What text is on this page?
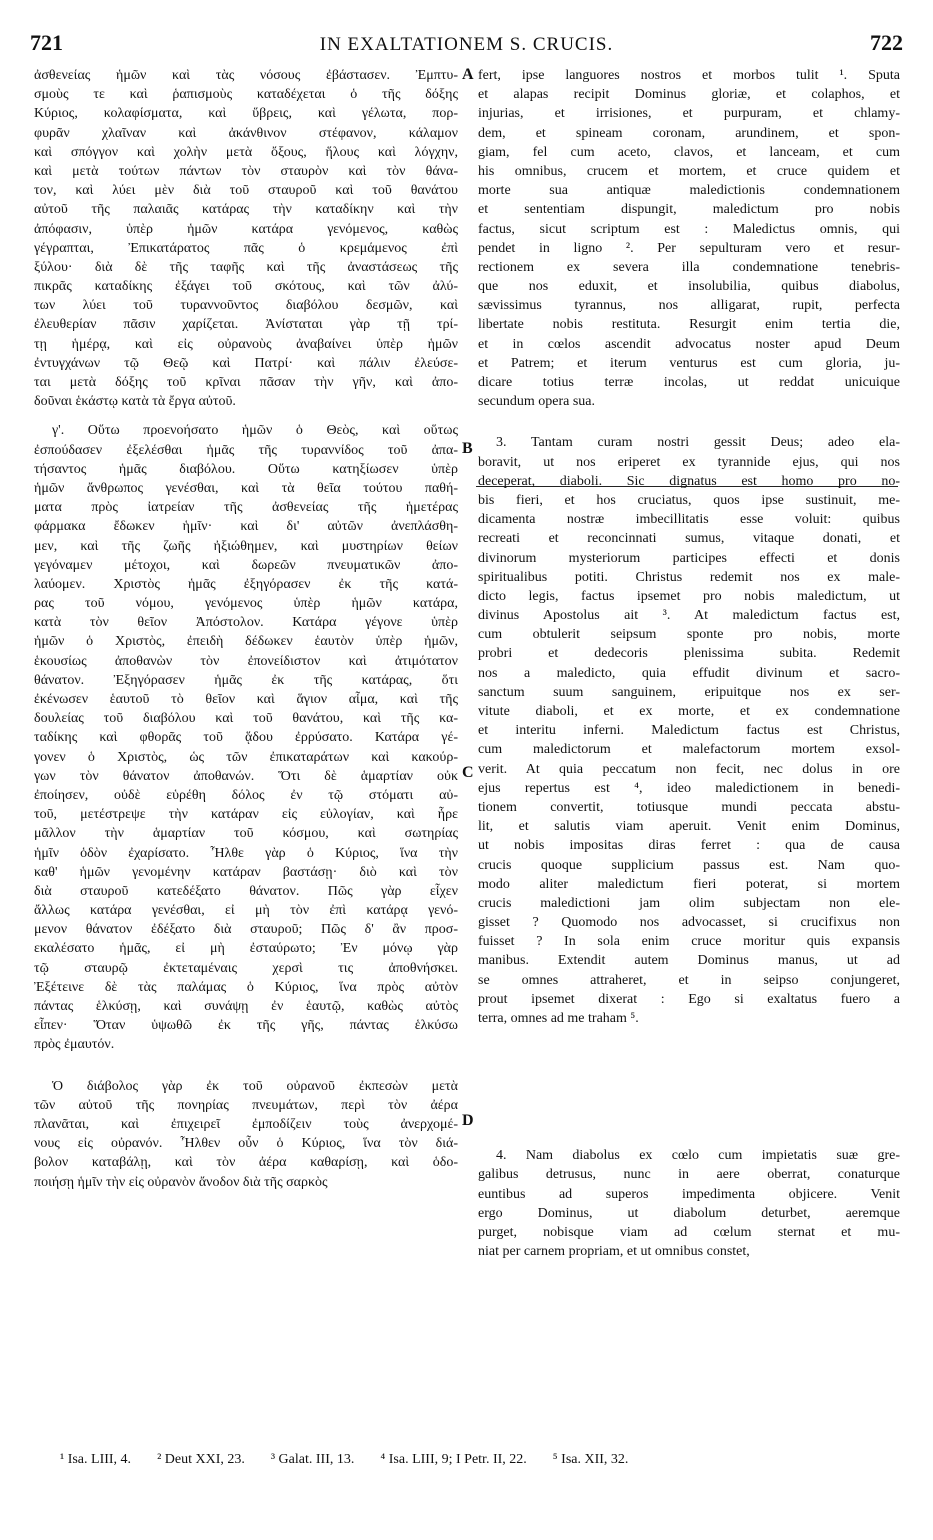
721	IN EXALTATIONEM S. CRUCIS.	722
A
B
C
D
ἀσθενείας ἡμῶν καὶ τὰς νόσους ἐβάστασεν. Ἐμπτυ-
σμοὺς τε καὶ ῥαπισμοὺς καταδέχεται ὁ τῆς δόξης
Κύριος, κολαφίσματα, καὶ ὕβρεις, καὶ γέλωτα, πορ-
φυρᾶν χλαῖναν καὶ ἀκάνθινον στέφανον, κάλαμον
καὶ σπόγγον καὶ χολὴν μετὰ ὄξους, ἥλους καὶ λόγχην,
καὶ μετὰ τούτων πάντων τὸν σταυρὸν καὶ τὸν θάνα-
τον, καὶ λύει μὲν διὰ τοῦ σταυροῦ καὶ τοῦ θανάτου
αὐτοῦ τῆς παλαιᾶς κατάρας τὴν καταδίκην καὶ τὴν
ἀπόφασιν, ὑπὲρ ἡμῶν κατάρα γενόμενος, καθὼς
γέγραπται, Ἐπικατάρατος πᾶς ὁ κρεμάμενος ἐπὶ
ξύλου· διὰ δὲ τῆς ταφῆς καὶ τῆς ἀναστάσεως τῆς
πικρᾶς καταδίκης ἐξάγει τοῦ σκότους, καὶ τῶν ἀλύ-
των λύει τοῦ τυραννοῦντος διαβόλου δεσμῶν, καὶ
ἐλευθερίαν πᾶσιν χαρίζεται. Ἀνίσταται γὰρ τῇ τρί-
τῃ ἡμέρᾳ, καὶ εἰς οὐρανοὺς ἀναβαίνει ὑπὲρ ἡμῶν
ἐντυγχάνων τῷ Θεῷ καὶ Πατρί· καὶ πάλιν ἐλεύσε-
ται μετὰ δόξης τοῦ κρῖναι πᾶσαν τὴν γῆν, καὶ ἀπο-
δοῦναι ἑκάστῳ κατὰ τὰ ἔργα αὐτοῦ.
γ'. Οὕτω προενοήσατο ἡμῶν ὁ Θεὸς, καὶ οὕτως
ἐσπούδασεν ἐξελέσθαι ἡμᾶς τῆς τυραννίδος τοῦ ἀπα-
τήσαντος ἡμᾶς διαβόλου. Οὕτω κατηξίωσεν ὑπὲρ
ἡμῶν ἄνθρωπος γενέσθαι, καὶ τὰ θεῖα τούτου παθή-
ματα πρὸς ἰατρείαν τῆς ἀσθενείας τῆς ἡμετέρας
φάρμακα ἔδωκεν ἡμῖν· καὶ δι' αὐτῶν ἀνεπλάσθη-
μεν, καὶ τῆς ζωῆς ἠξιώθημεν, καὶ μυστηρίων θείων
γεγόναμεν μέτοχοι, καὶ δωρεῶν πνευματικῶν ἀπο-
λαύομεν. Χριστὸς ἡμᾶς ἐξηγόρασεν ἐκ τῆς κατά-
ρας τοῦ νόμου, γενόμενος ὑπὲρ ἡμῶν κατάρα,
κατὰ τὸν θεῖον Ἀπόστολον. Κατάρα γέγονε ὑπὲρ
ἡμῶν ὁ Χριστὸς, ἐπειδὴ δέδωκεν ἑαυτὸν ὑπὲρ ἡμῶν,
ἑκουσίως ἀποθανὼν τὸν ἐπονείδιστον καὶ ἀτιμότατον
θάνατον. Ἐξηγόρασεν ἡμᾶς ἐκ τῆς κατάρας, ὅτι
ἐκένωσεν ἑαυτοῦ τὸ θεῖον καὶ ἅγιον αἷμα, καὶ τῆς
δουλείας τοῦ διαβόλου καὶ τοῦ θανάτου, καὶ τῆς κα-
ταδίκης καὶ φθορᾶς τοῦ ᾅδου ἐρρύσατο. Κατάρα γέ-
γονεν ὁ Χριστὸς, ὡς τῶν ἐπικαταράτων καὶ κακούρ-
γων τὸν θάνατον ἀποθανών. Ὅτι δὲ ἁμαρτίαν οὐκ
ἐποίησεν, οὐδὲ εὑρέθη δόλος ἐν τῷ στόματι αὐ-
τοῦ, μετέστρεψε τὴν κατάραν εἰς εὐλογίαν, καὶ ἦρε
μᾶλλον τὴν ἁμαρτίαν τοῦ κόσμου, καὶ σωτηρίας
ἡμῖν ὁδὸν ἐχαρίσατο. Ἦλθε γὰρ ὁ Κύριος, ἵνα τὴν
καθ' ἡμῶν γενομένην κατάραν βαστάσῃ· διὸ καὶ τὸν
διὰ σταυροῦ κατεδέξατο θάνατον. Πῶς γὰρ εἶχεν
ἄλλως κατάρα γενέσθαι, εἰ μὴ τὸν ἐπὶ κατάρᾳ γενό-
μενον θάνατον ἐδέξατο διὰ σταυροῦ; Πῶς δ' ἂν προσ-
εκαλέσατο ἡμᾶς, εἰ μὴ ἐσταύρωτο; Ἐν μόνῳ γὰρ
τῷ σταυρῷ ἐκτεταμέναις χερσὶ τις ἀποθνήσκει.
Ἐξέτεινε δὲ τὰς παλάμας ὁ Κύριος, ἵνα πρὸς αὐτὸν
πάντας ἑλκύσῃ, καὶ συνάψῃ ἐν ἑαυτῷ, καθὼς αὐτὸς
εἶπεν· Ὅταν ὑψωθῶ ἐκ τῆς γῆς, πάντας ἑλκύσω
πρὸς ἐμαυτόν.
Ὁ διάβολος γὰρ ἐκ τοῦ οὐρανοῦ ἐκπεσὼν μετὰ
τῶν αὐτοῦ τῆς πονηρίας πνευμάτων, περὶ τὸν ἀέρα
πλανᾶται, καὶ ἐπιχειρεῖ ἐμποδίζειν τοὺς ἀνερχομέ-
νους εἰς οὐρανόν. Ἦλθεν οὖν ὁ Κύριος, ἵνα τὸν διά-
βολον καταβάλῃ, καὶ τὸν ἀέρα καθαρίσῃ, καὶ ὁδο-
ποιήσῃ ἡμῖν τὴν εἰς οὐρανὸν ἄνοδον διὰ τῆς σαρκὸς
fert, ipse languores nostros et morbos tulit ¹. Sputa
et alapas recipit Dominus gloriæ, et colaphos, et
injurias, et irrisiones, et purpuram, et chlamy-
dem, et spineam coronam, arundinem, et spon-
giam, fel cum aceto, clavos, et lanceam, et cum
his omnibus, crucem et mortem, et cruce quidem et
morte sua antiquæ maledictionis condemnationem
et sententiam dispungit, maledictum pro nobis
factus, sicut scriptum est : Maledictus omnis, qui
pendet in ligno ². Per sepulturam vero et resur-
rectionem ex severa illa condemnatione tenebris-
que nos eduxit, et insolubilia, quibus diabolus,
sævissimus tyrannus, nos alligarat, rupit, perfecta
libertate nobis restituta. Resurgit enim tertia die,
et in cœlos ascendit advocatus noster apud Deum
et Patrem; et iterum venturus est cum gloria, ju-
dicare totius terræ incolas, ut reddat unicuique
secundum opera sua.
3. Tantam curam nostri gessit Deus; adeo ela-
boravit, ut nos eriperet ex tyrannide ejus, qui nos
deceperat, diaboli. Sic dignatus est homo pro no-
bis fieri, et hos cruciatus, quos ipse sustinuit, me-
dicamenta nostræ imbecillitatis esse voluit: quibus
recreati et reconcinnati sumus, vitaque donati, et
divinorum mysteriorum participes effecti et donis
spiritualibus potiti. Christus redemit nos ex male-
dicto legis, factus ipsemet pro nobis maledictum, ut
divinus Apostolus ait ³. At maledictum factus est,
cum obtulerit seipsum sponte pro nobis, morte
probri et dedecoris plenissima subita. Redemit
nos a maledicto, quia effudit divinum et sacro-
sanctum suum sanguinem, eripuitque nos ex ser-
vitute diaboli, et ex morte, et ex condemnatione
et interitu inferni. Maledictum factus est Christus,
cum maledictorum et malefactorum mortem exsol-
verit. At quia peccatum non fecit, nec dolus in ore
ejus repertus est ⁴, ideo maledictionem in benedi-
tionem convertit, totiusque mundi peccata abstu-
lit, et salutis viam aperuit. Venit enim Dominus,
ut nobis impositas diras ferret : qua de causa
crucis quoque supplicium passus est. Nam quo-
modo aliter maledictum fieri poterat, si mortem
crucis maledictioni jam olim subjectam non ele-
gisset ? Quomodo nos advocasset, si crucifixus non
fuisset ? In sola enim cruce moritur quis expansis
manibus. Extendit autem Dominus manus, ut ad
se omnes attraheret, et in seipso conjungeret,
prout ipsemet dixerat : Ego si exaltatus fuero a
terra, omnes ad me traham ⁵.
4. Nam diabolus ex cœlo cum impietatis suæ gre-
galibus detrusus, nunc in aere oberrat, conaturque
euntibus ad superos impedimenta objicere. Venit
ergo Dominus, ut diabolum deturbet, aeremque
purget, nobisque viam ad cœlum sternat et mu-
niat per carnem propriam, et ut omnibus constet,
¹ Isa. LIII, 4. ² Deut XXI, 23. ³ Galat. III, 13. ⁴ Isa. LIII, 9; I Petr. II, 22. ⁵ Isa. XII, 32.
